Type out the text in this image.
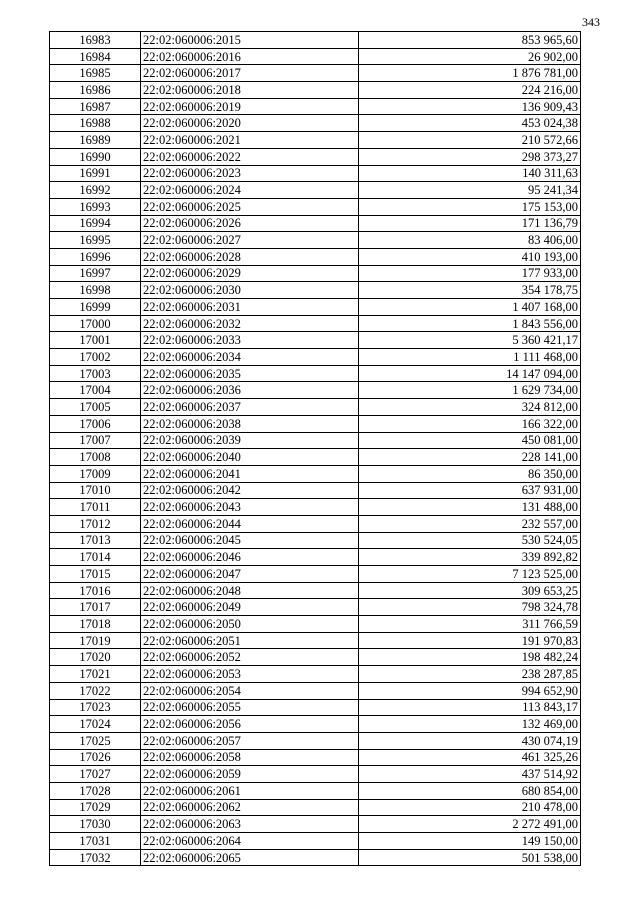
343
16983	22:02:060006:2015	853 965,60
16984	22:02:060006:2016	26 902,00
16985	22:02:060006:2017	1 876 781,00
16986	22:02:060006:2018	224 216,00
16987	22:02:060006:2019	136 909,43
16988	22:02:060006:2020	453 024,38
16989	22:02:060006:2021	210 572,66
16990	22:02:060006:2022	298 373,27
16991	22:02:060006:2023	140 311,63
16992	22:02:060006:2024	95 241,34
16993	22:02:060006:2025	175 153,00
16994	22:02:060006:2026	171 136,79
16995	22:02:060006:2027	83 406,00
16996	22:02:060006:2028	410 193,00
16997	22:02:060006:2029	177 933,00
16998	22:02:060006:2030	354 178,75
16999	22:02:060006:2031	1 407 168,00
17000	22:02:060006:2032	1 843 556,00
17001	22:02:060006:2033	5 360 421,17
17002	22:02:060006:2034	1 111 468,00
17003	22:02:060006:2035	14 147 094,00
17004	22:02:060006:2036	1 629 734,00
17005	22:02:060006:2037	324 812,00
17006	22:02:060006:2038	166 322,00
17007	22:02:060006:2039	450 081,00
17008	22:02:060006:2040	228 141,00
17009	22:02:060006:2041	86 350,00
17010	22:02:060006:2042	637 931,00
17011	22:02:060006:2043	131 488,00
17012	22:02:060006:2044	232 557,00
17013	22:02:060006:2045	530 524,05
17014	22:02:060006:2046	339 892,82
17015	22:02:060006:2047	7 123 525,00
17016	22:02:060006:2048	309 653,25
17017	22:02:060006:2049	798 324,78
17018	22:02:060006:2050	311 766,59
17019	22:02:060006:2051	191 970,83
17020	22:02:060006:2052	198 482,24
17021	22:02:060006:2053	238 287,85
17022	22:02:060006:2054	994 652,90
17023	22:02:060006:2055	113 843,17
17024	22:02:060006:2056	132 469,00
17025	22:02:060006:2057	430 074,19
17026	22:02:060006:2058	461 325,26
17027	22:02:060006:2059	437 514,92
17028	22:02:060006:2061	680 854,00
17029	22:02:060006:2062	210 478,00
17030	22:02:060006:2063	2 272 491,00
17031	22:02:060006:2064	149 150,00
17032	22:02:060006:2065	501 538,00
